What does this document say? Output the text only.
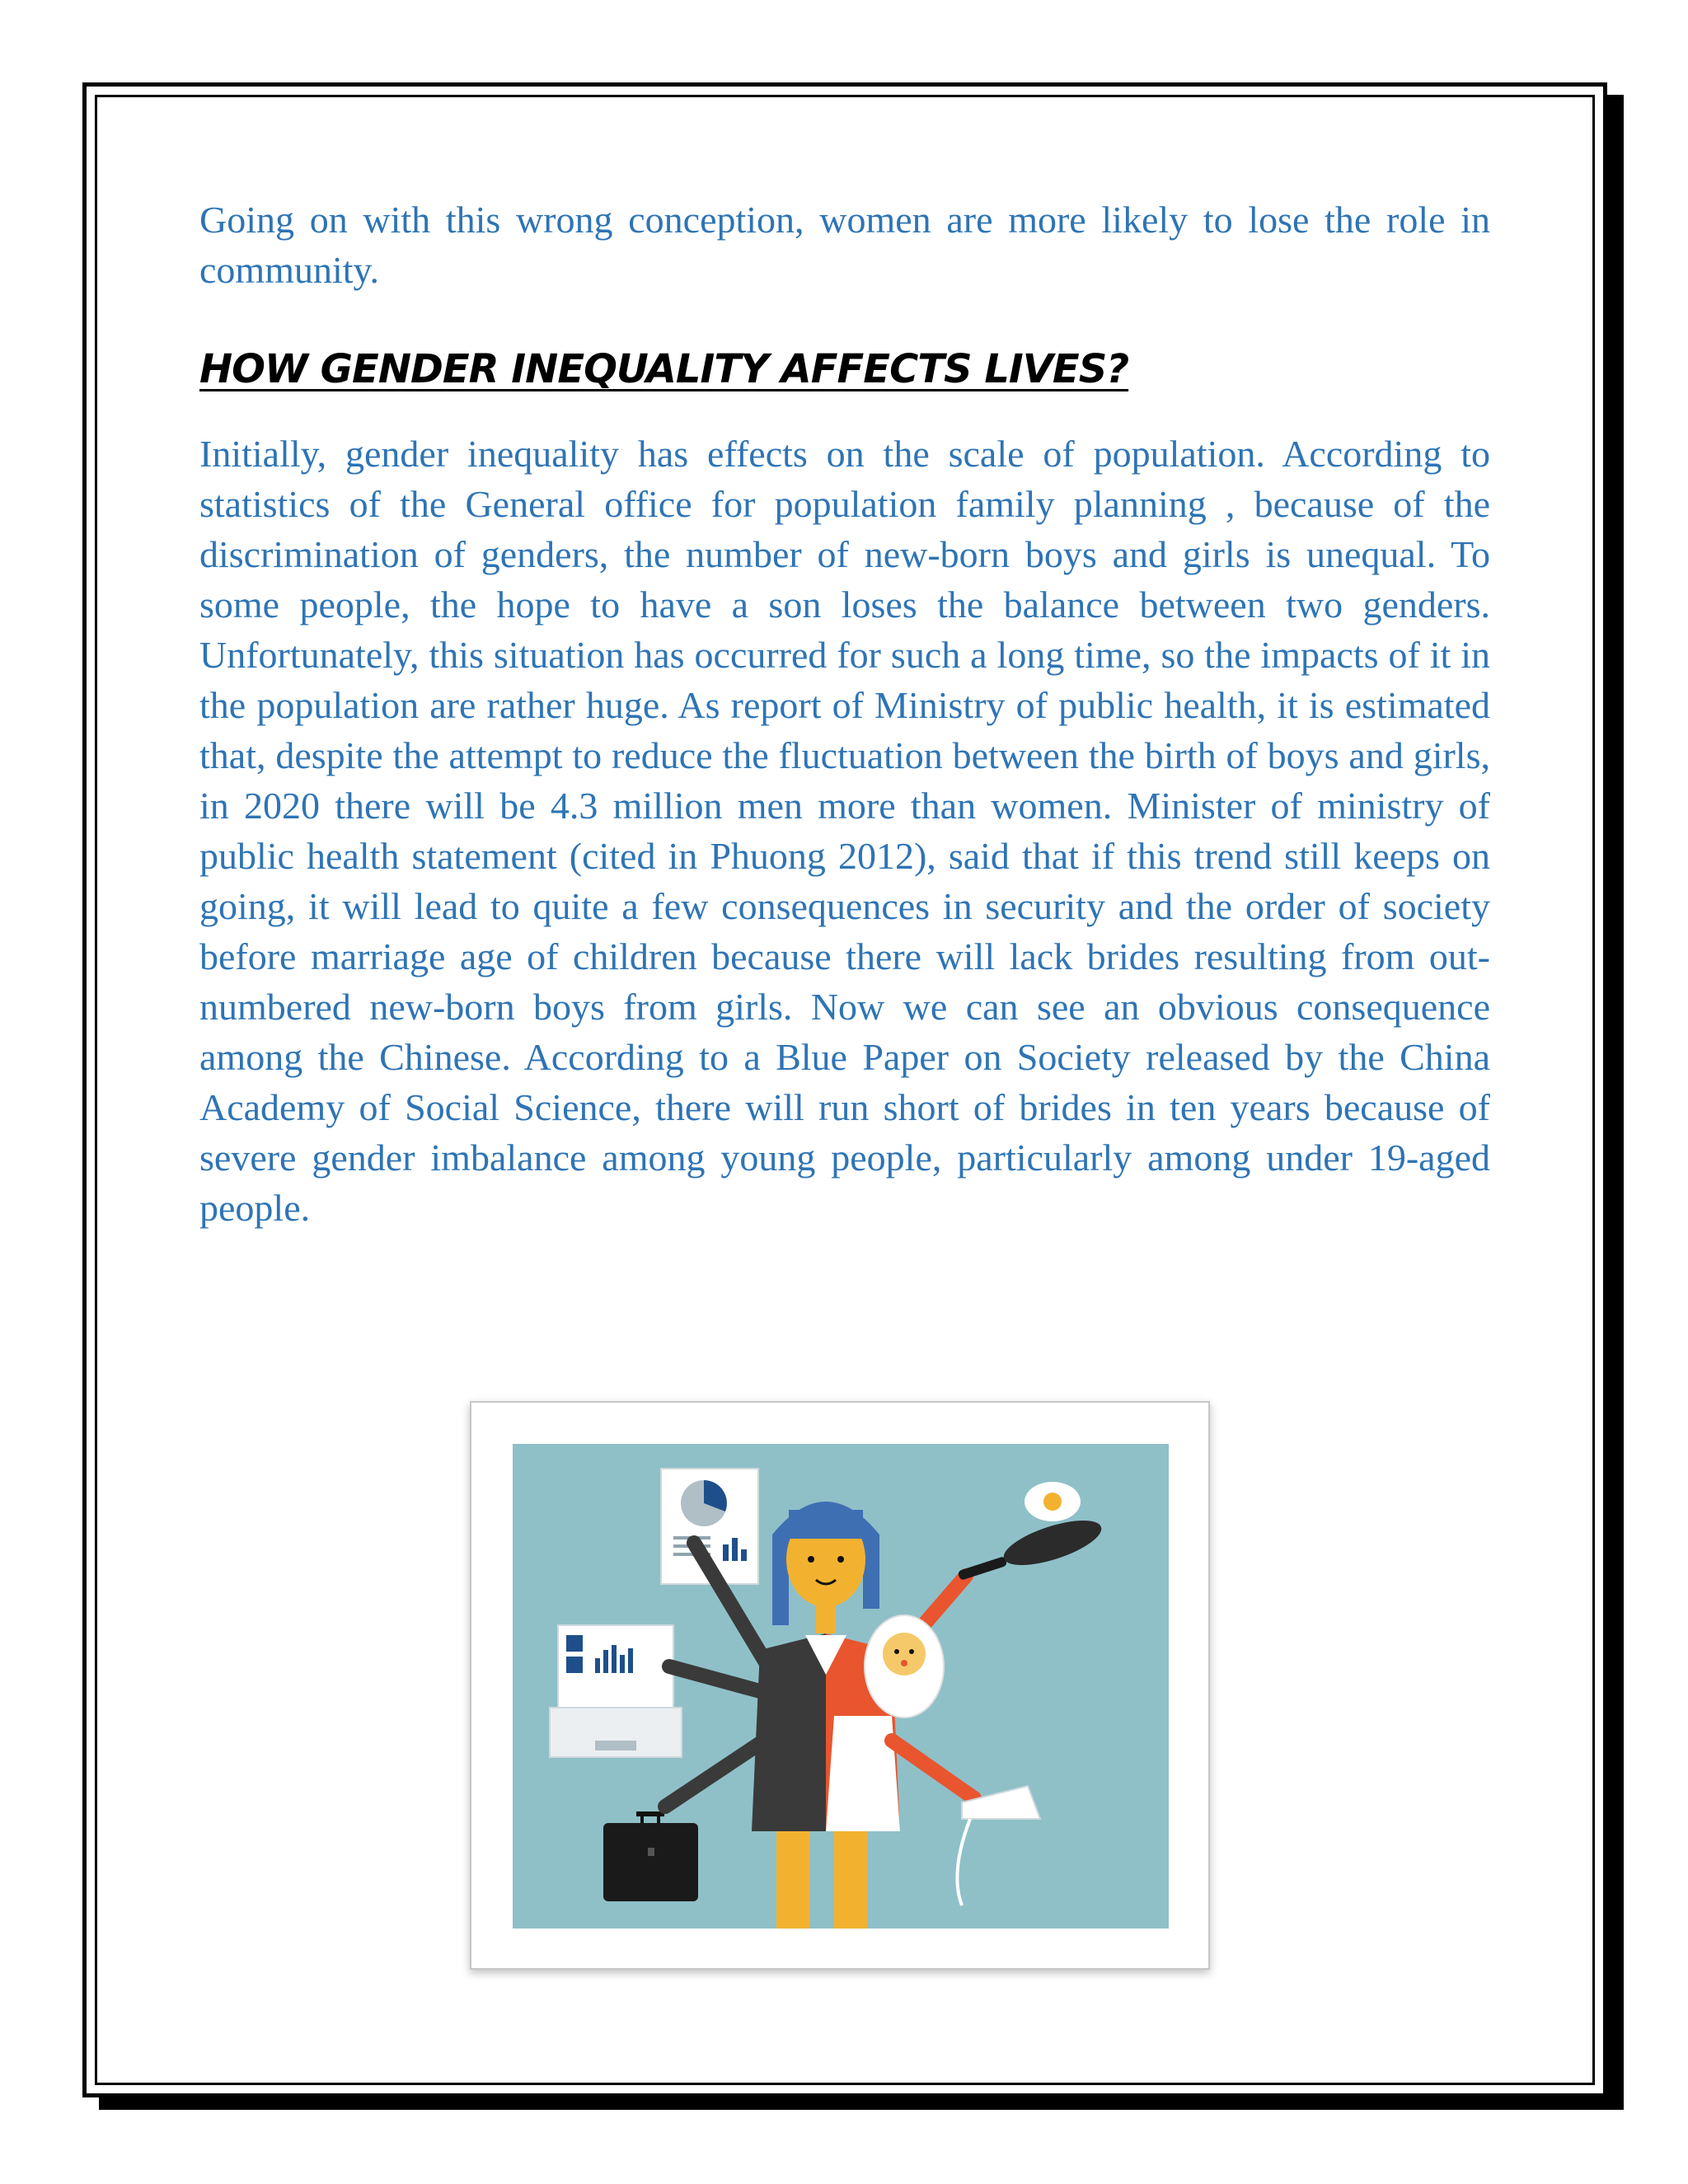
Going on with this wrong conception, women are more likely to lose the role in community.

HOW GENDER INEQUALITY AFFECTS LIVES?

Initially, gender inequality has effects on the scale of population. According to statistics of the General office for population family planning , because of the discrimination of genders, the number of new-born boys and girls is unequal. To some people, the hope to have a son loses the balance between two genders. Unfortunately, this situation has occurred for such a long time, so the impacts of it in the population are rather huge. As report of Ministry of public health, it is estimated that, despite the attempt to reduce the fluctuation between the birth of boys and girls, in 2020 there will be 4.3 million men more than women. Minister of ministry of public health statement (cited in Phuong 2012), said that if this trend still keeps on going, it will lead to quite a few consequences in security and the order of society before marriage age of children because there will lack brides resulting from out-numbered new-born boys from girls. Now we can see an obvious consequence among the Chinese. According to a Blue Paper on Society released by the China Academy of Social Science, there will run short of brides in ten years because of severe gender imbalance among young people, particularly among under 19-aged people.
